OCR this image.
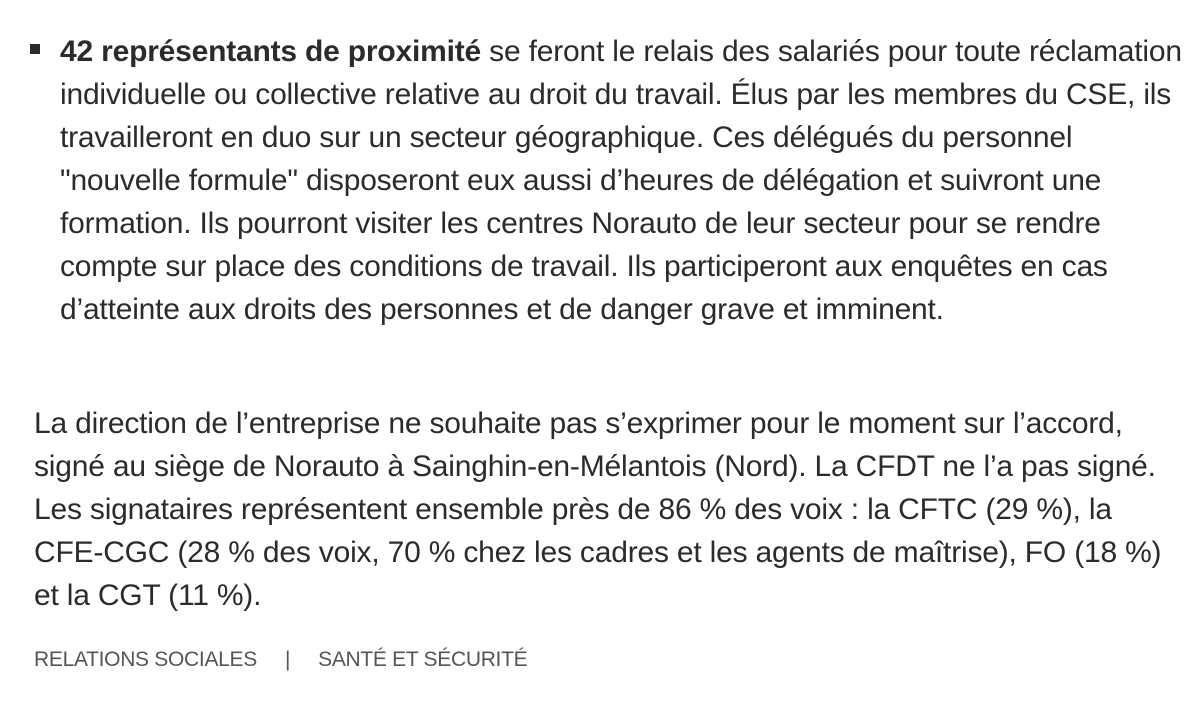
42 représentants de proximité se feront le relais des salariés pour toute réclamation individuelle ou collective relative au droit du travail. Élus par les membres du CSE, ils travailleront en duo sur un secteur géographique. Ces délégués du personnel "nouvelle formule" disposeront eux aussi d’heures de délégation et suivront une formation. Ils pourront visiter les centres Norauto de leur secteur pour se rendre compte sur place des conditions de travail. Ils participeront aux enquêtes en cas d’atteinte aux droits des personnes et de danger grave et imminent.

La direction de l’entreprise ne souhaite pas s’exprimer pour le moment sur l’accord, signé au siège de Norauto à Sainghin-en-Mélantois (Nord). La CFDT ne l’a pas signé. Les signataires représentent ensemble près de 86 % des voix : la CFTC (29 %), la CFE-CGC (28 % des voix, 70 % chez les cadres et les agents de maîtrise), FO (18 %) et la CGT (11 %).

RELATIONS SOCIALES | SANTÉ ET SÉCURITÉ
